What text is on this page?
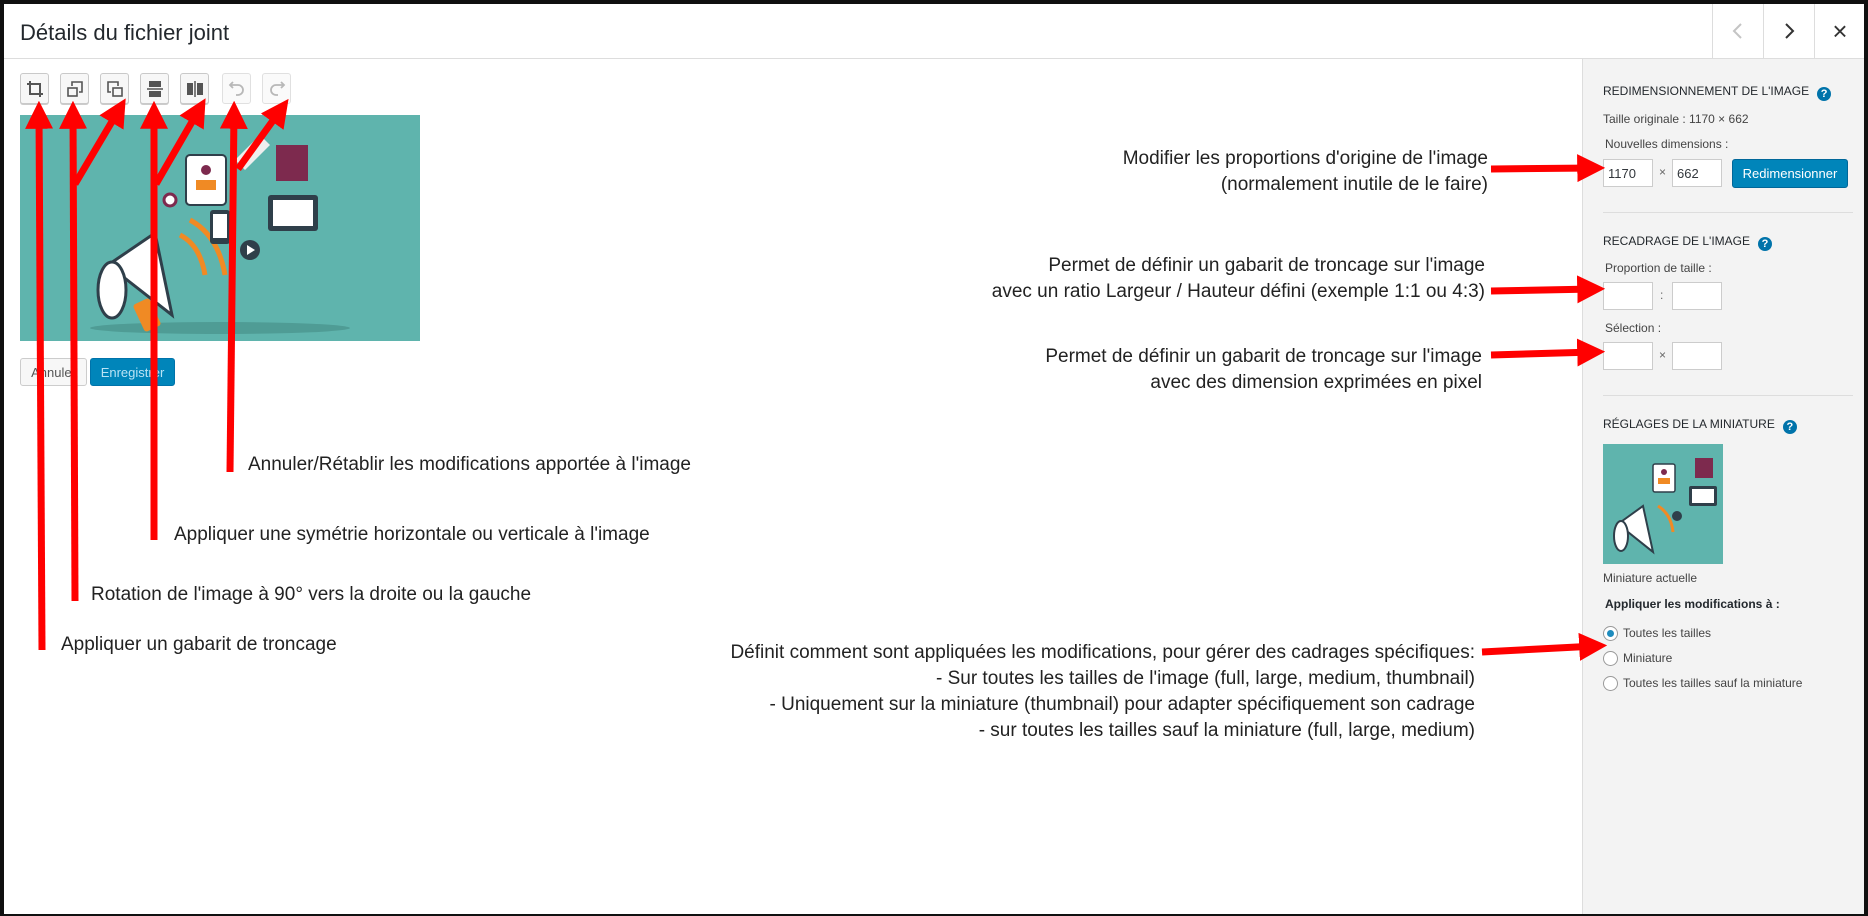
Détails du fichier joint	×
Annuler	Enregistrer
Appliquer un gabarit de troncage
Rotation de l'image à 90° vers la droite ou la gauche
Appliquer une symétrie horizontale ou verticale à l'image
Annuler/Rétablir les modifications apportée à l'image
Modifier les proportions d'origine de l'image
(normalement inutile de le faire)
Permet de définir un gabarit de troncage sur l'image
avec un ratio Largeur / Hauteur défini (exemple 1:1 ou 4:3)
Permet de définir un gabarit de troncage sur l'image
avec des dimension exprimées en pixel
Définit comment sont appliquées les modifications, pour gérer des cadrages spécifiques:
- Sur toutes les tailles de l'image (full, large, medium, thumbnail)
- Uniquement sur la miniature (thumbnail) pour adapter spécifiquement son cadrage
- sur toutes les tailles sauf la miniature (full, large, medium)
REDIMENSIONNEMENT DE L'IMAGE ?
Taille originale : 1170 × 662
Nouvelles dimensions :
1170
×
662	Redimensionner
RECADRAGE DE L'IMAGE ?
Proportion de taille :
:
Sélection :
×
RÉGLAGES DE LA MINIATURE ?
Miniature actuelle
Appliquer les modifications à :
Toutes les tailles
Miniature
Toutes les tailles sauf la miniature
